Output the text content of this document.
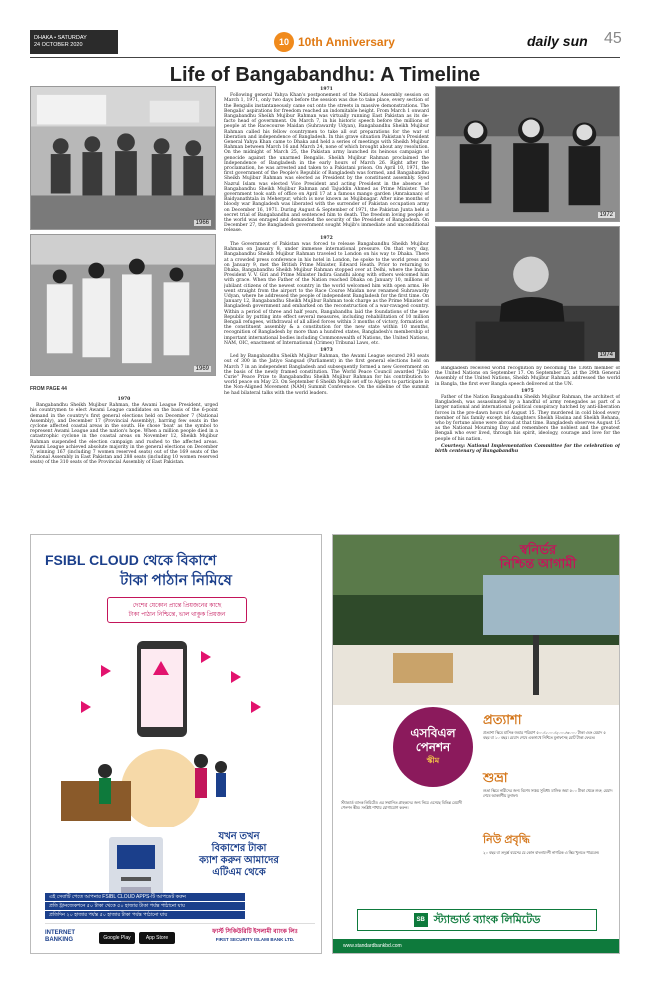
DHAKA • SATURDAY
24 OCTOBER 2020	10 10th Anniversary	daily sun 45
Life of Bangabandhu: A Timeline
1966
1969
1972
1974
FROM PAGE 44

1970

Bangabandhu Sheikh Mujibur Rahman, the Awami League President, urged his countrymen to elect Awami League candidates on the basis of the 6-point demand in the country's first general elections held on December 7 (National Assembly), and December 17 (Provincial Assembly), barring few seats in the cyclone affected coastal areas in the south. He chose 'boat' as the symbol to represent Awami League and the nation's hope. When a million people died in a catastrophic cyclone in the coastal areas on November 12, Sheikh Mujibur Rahman suspended the election campaign and rushed to the affected areas. Awami League achieved absolute majority in the general elections on December 7, winning 167 (including 7 women reserved seats) out of the 169 seats of the National Assembly in East Pakistan and 288 seats (including 10 women reserved seats) of the 310 seats of the Provincial Assembly of East Pakistan.

1971

Following general Yahya Khan's postponement of the National Assembly session on March 1, 1971, only two days before the session was due to take place, every section of the Bengalis instantaneously came out onto the streets in massive demonstrations. The Bengalis' aspirations for freedom reached an indomitable height. From March 1 onward Bangabandhu Sheikh Mujibur Rahman was virtually running East Pakistan as its de-facto head of government. On March 7, in his historic speech before the millions of people at the Racecourse Maidan (Suhrawardy Udyan), Bangabandhu Sheikh Mujibur Rahman called his fellow countrymen to take all out preparations for the war of liberation and independence of Bangladesh. In this grave situation Pakistan's President General Yahya Khan came to Dhaka and held a series of meetings with Sheikh Mujibur Rahman between March 16 and March 24, none of which brought about any resolution. On the midnight of March 25, the Pakistan army launched its heinous campaign of genocide against the unarmed Bengalis. Sheikh Mujibur Rahman proclaimed the Independence of Bangladesh in the early hours of March 26. Right after the proclamation, he was arrested and taken to a Pakistani prison. On April 10, 1971, the first government of the People's Republic of Bangladesh was formed, and Bangabandhu Sheikh Mujibur Rahman was elected as President by the constituent assembly. Syed Nazrul Islam was elected Vice President and acting President in the absence of Bangabandhu Sheikh Mujibur Rahman and Tajuddin Ahmed as Prime Minister. The government took oath of office on April 17 at a famous mango garden (Amrakanan) of Baidyanathtala in Meherpur, which is now known as Mujibnagar. After nine months of bloody war Bangladesh was liberated with the surrender of Pakistan occupation army on December 16, 1971. During August & September of 1971, the Pakistan Junta held a secret trial of Bangabandhu and sentenced him to death. The freedom loving people of the world was enraged and demanded the security of the President of Bangladesh. On December 27, the Bangladesh government sought Mujib's immediate and unconditional release.

1972

The Government of Pakistan was forced to release Bangabandhu Sheikh Mujibur Rahman on January 8, under immense international pressure. On that very day, Bangabandhu Sheikh Mujibur Rahman traveled to London on his way to Dhaka. There at a crowded press conference in his hotel in London, he spoke to the world press and on January 9, met the British Prime Minister, Edward Heath. Prior to returning to Dhaka, Bangabandhu Sheikh Mujibur Rahman stopped over at Delhi, where the Indian President V. V. Giri and Prime Minister Indira Gandhi along with others welcomed him with grace. When the Father of the Nation reached Dhaka on January 10, millions of jubilant citizens of the newest country in the world welcomed him with open arms. He went straight from the airport to the Race Course Maidan now renamed Suhrawardy Udyan, where he addressed the people of independent Bangladesh for the first time. On January 12, Bangabandhu Sheikh Mujibur Rahman took charge as the Prime Minister of Bangladesh government and embarked on the reconstruction of a war-ravaged country. Within a period of three and half years, Bangabandhu laid the foundations of the new Republic by putting into effect several measures, including rehabilitation of 10 million Bengali refugees, withdrawal of all allied forces within 3 months of victory, formation of the constituent assembly & a constitution for the new state within 10 months, recognition of Bangladesh by more than a hundred states, Bangladesh's membership of important international bodies including Commonwealth of Nations, the United Nations, NAM, OIC, enactment of International (Crimes) Tribunal Laws, etc.

1973

Led by Bangabandhu Sheikh Mujibur Rahman, the Awami League secured 293 seats out of 300 in the Jatiyo Sangsad (Parliament) in the first general elections held on March 7 in an independent Bangladesh and subsequently formed a new Government on the basis of the newly framed constitution. The World Peace Council awarded "Julio Curie" Peace Prize to Bangabandhu Sheikh Mujibur Rahman for his contribution to world peace on May 23. On September 6 Sheikh Mujib set off to Algiers to participate in the Non-Aligned Movement (NAM) Summit Conference. On the sideline of the summit he had bilateral talks with the world leaders.

Bangladesh received world recognition by becoming the 136th member of the United Nations on September 17. On September 25, at the 29th General Assembly of the United Nations, Sheikh Mujibur Rahman addressed the world in Bangla, the first ever Bangla speech delivered at the UN.

1975

Father of the Nation Bangabandhu Sheikh Mujibur Rahman, the architect of Bangladesh, was assassinated by a handful of army renegades as part of a larger national and international political conspiracy hatched by anti-liberation forces in the pre-dawn hours of August 15. They murdered in cold blood every member of his family except his daughters Sheikh Hasina and Sheikh Rehana, who by fortune alone were abroad at that time. Bangladesh observes August 15 as the National Mourning Day and remembers the noblest and the greatest Bengali who ever lived, through his spirit, ideology, courage and love for the people of his nation.

Courtesy: National Implementation Committee for the celebration of birth centenary of Bangabandhu

FSIBL CLOUD থেকে বিকাশে
টাকা পাঠান নিমিষে
দেশের যেকোন প্রান্তে প্রিয়জনের কাছে
টাকা পাঠান নিশ্চিন্তে, ভাল থাকুক প্রিয়জন
যখন তখন
বিকাশের টাকা
ক্যাশ করুন আমাদের
এটিএম থেকে
এই সেবাটি পেতে আপনার FSIBL CLOUD APPS-টি আপডেট করুন
প্রতি ট্রানজেকশনে ৫০ টাকা থেকে ৫০ হাজার টাকা পর্যন্ত পাঠানো যায়
প্রতিদিন ২০ হাজার পর্যন্ত ৫০ হাজার টাকা পর্যন্ত পাঠানো যায়
INTERNET BANKING	Google Play	App Store
ফার্স্ট সিকিউরিটি ইসলামী ব্যাংক লিঃ
FIRST SECURITY ISLAMI BANK LTD.
স্বনির্ভর
নিশ্চিন্ত আগামী
এসবিএল
পেনশন
স্কীম
প্রত্যাশা
প্রত্যাশা স্কিমে মাসিক জমার পরিমাণ ৫০০/১০০০/২০০০/৩০০০ টাকা এবং মেয়াদ ৫ বছর বা ১০ বছর। মেয়াদ শেষে একসাথে নিশ্চিত মুনাফাসহ মোট টাকা ফেরত।
শুভ্রা
শুভ্রা স্কিমে নারীদের জন্য বিশেষ সঞ্চয় সুবিধা। মাসিক জমা ৫০০ টাকা থেকে শুরু, মেয়াদ শেষে আকর্ষণীয় মুনাফা।
নিউ প্রবৃদ্ধি
২০ বছর বা তদূর্ধ্ব বয়সের যে কোন বাংলাদেশী নাগরিক এ স্কিম খুলতে পারবেন।
স্ট্যান্ডার্ড ব্যাংক লিমিটেড এর সম্মানিত গ্রাহকদের জন্য নিয়ে এসেছে বিভিন্ন মেয়াদী পেনশন স্কীম। সংশ্লিষ্ট শাখায় যোগাযোগ করুন।
SB স্ট্যান্ডার্ড ব্যাংক লিমিটেড
www.standardbankbd.com
